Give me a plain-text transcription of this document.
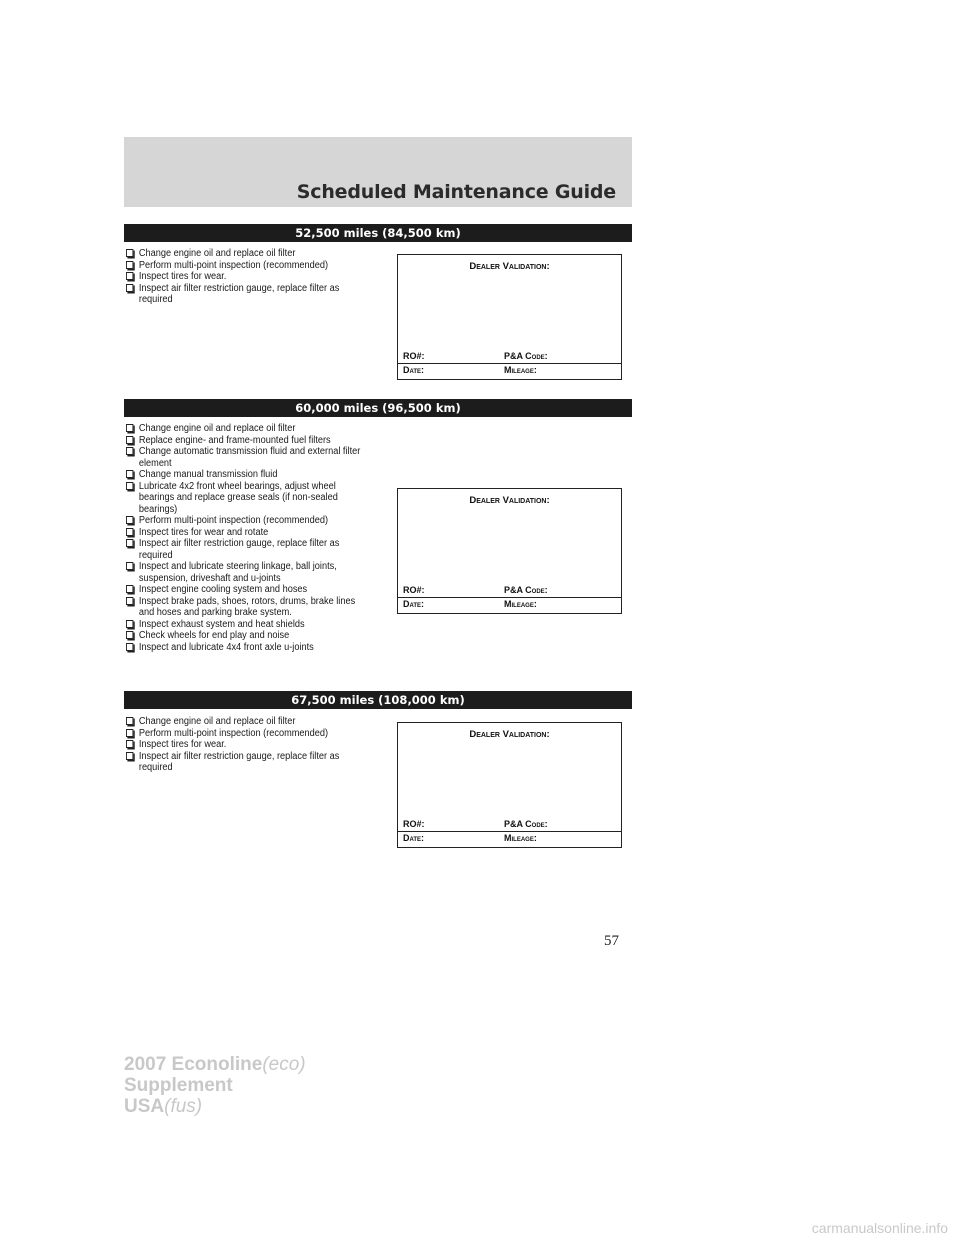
Scheduled Maintenance Guide
52,500 miles (84,500 km)
Change engine oil and replace oil filter
Perform multi-point inspection (recommended)
Inspect tires for wear.
Inspect air filter restriction gauge, replace filter as required
Dealer Validation:
RO#:	P&A Code:
Date:	Mileage:
60,000 miles (96,500 km)
Change engine oil and replace oil filter
Replace engine- and frame-mounted fuel filters
Change automatic transmission fluid and external filter element
Change manual transmission fluid
Lubricate 4x2 front wheel bearings, adjust wheel bearings and replace grease seals (if non-sealed bearings)
Perform multi-point inspection (recommended)
Inspect tires for wear and rotate
Inspect air filter restriction gauge, replace filter as required
Inspect and lubricate steering linkage, ball joints, suspension, driveshaft and u-joints
Inspect engine cooling system and hoses
Inspect brake pads, shoes, rotors, drums, brake lines and hoses and parking brake system.
Inspect exhaust system and heat shields
Check wheels for end play and noise
Inspect and lubricate 4x4 front axle u-joints
Dealer Validation:
RO#:	P&A Code:
Date:	Mileage:
67,500 miles (108,000 km)
Change engine oil and replace oil filter
Perform multi-point inspection (recommended)
Inspect tires for wear.
Inspect air filter restriction gauge, replace filter as required
Dealer Validation:
RO#:	P&A Code:
Date:	Mileage:
57
2007 Econoline(eco)
Supplement
USA(fus)
carmanualsonline.info
